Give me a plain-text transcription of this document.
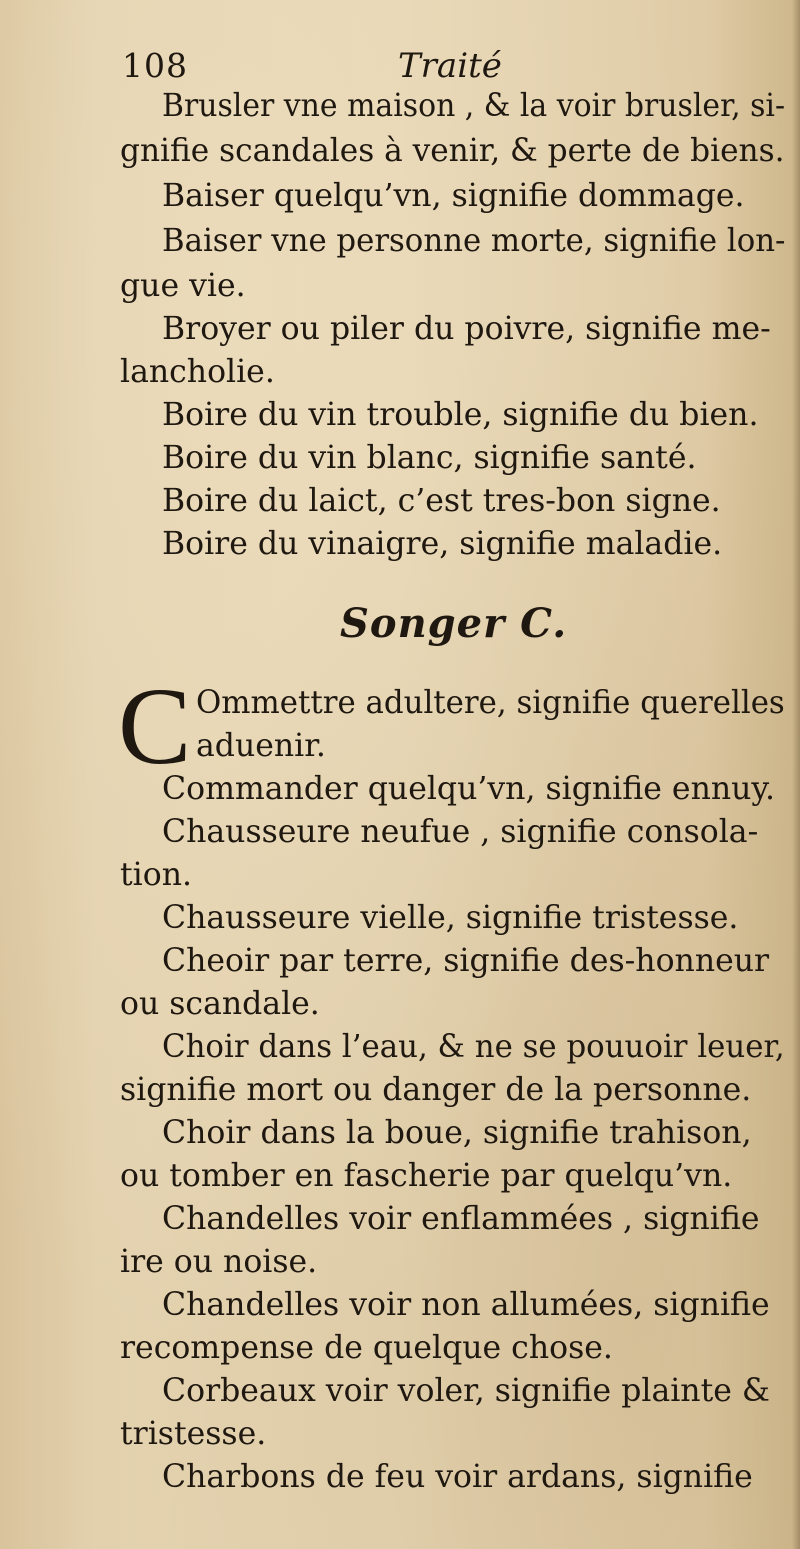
108	Traité
Brusler vne maison , & la voir brusler, si-
gnifie scandales à venir, & perte de biens.
Baiser quelqu’vn, signifie dommage.
Baiser vne personne morte, signifie lon-
gue vie.
Broyer ou piler du poivre, signifie me-
lancholie.
Boire du vin trouble, signifie du bien.
Boire du vin blanc, signifie santé.
Boire du laict, c’est tres-bon signe.
Boire du vinaigre, signifie maladie.
Songer C.
C Ommettre adultere, signifie querelles
aduenir.
Commander quelqu’vn, signifie ennuy.
Chausseure neufue , signifie consola-
tion.
Chausseure vielle, signifie tristesse.
Cheoir par terre, signifie des-honneur
ou scandale.
Choir dans l’eau, & ne se pouuoir leuer,
signifie mort ou danger de la personne.
Choir dans la boue, signifie trahison,
ou tomber en fascherie par quelqu’vn.
Chandelles voir enflammées , signifie
ire ou noise.
Chandelles voir non allumées, signifie
recompense de quelque chose.
Corbeaux voir voler, signifie plainte &
tristesse.
Charbons de feu voir ardans, signifie
